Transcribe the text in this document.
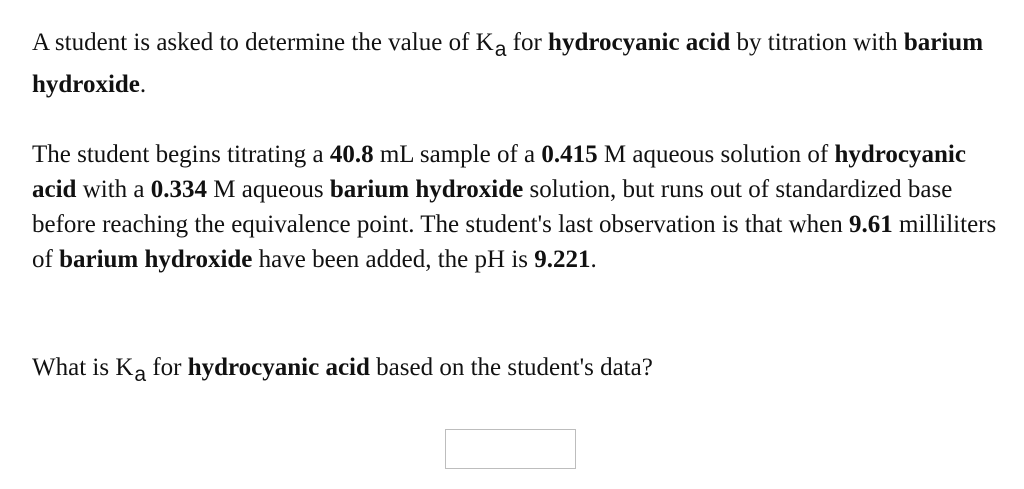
A student is asked to determine the value of $K_a$ for hydrocyanic acid by titration with barium hydroxide.

The student begins titrating a 40.8 mL sample of a 0.415 M aqueous solution of hydrocyanic acid with a 0.334 M aqueous barium hydroxide solution, but runs out of standardized base before reaching the equivalence point. The student's last observation is that when 9.61 milliliters of barium hydroxide have been added, the pH is 9.221.

What is $K_a$ for hydrocyanic acid based on the student's data?
